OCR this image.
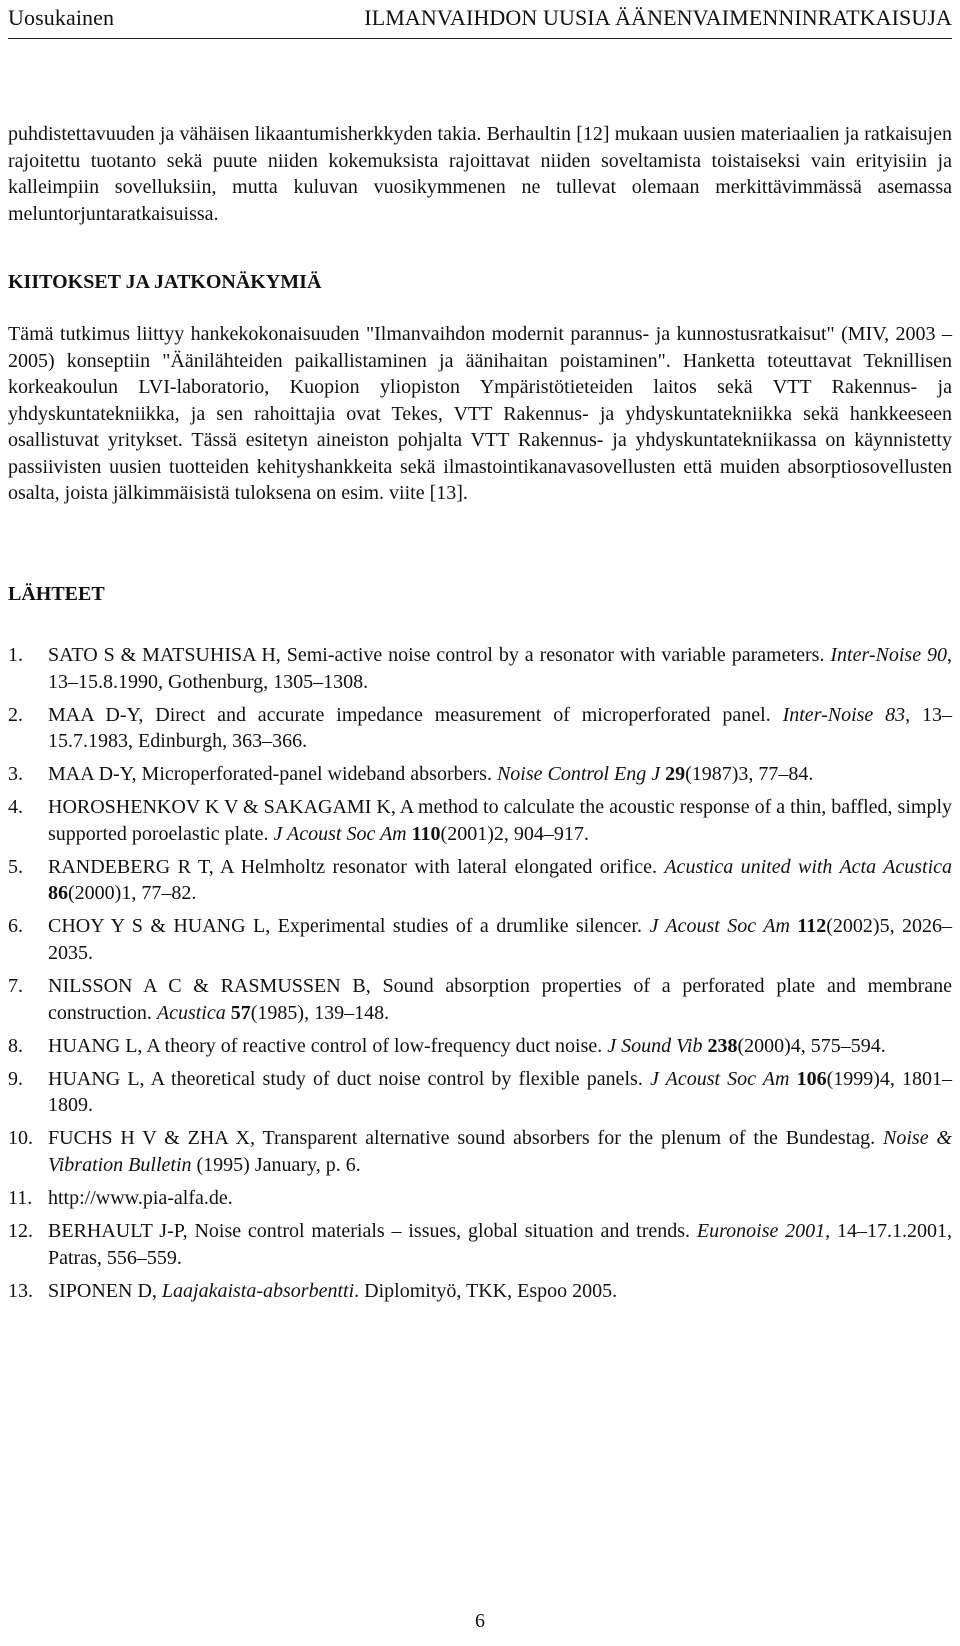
Uosukainen	ILMANVAIHDON UUSIA ÄÄNENVAIMENNINRATKAISUJA
puhdistettavuuden ja vähäisen likaantumisherkkyden takia. Berhaultin [12] mukaan uusien materiaalien ja ratkaisujen rajoitettu tuotanto sekä puute niiden kokemuksista rajoittavat niiden soveltamista toistaiseksi vain erityisiin ja kalleimpiin sovelluksiin, mutta kuluvan vuosikymmenen ne tullevat olemaan merkittävimmässä asemassa meluntorjuntaratkaisuissa.
KIITOKSET JA JATKONÄKYMIÄ
Tämä tutkimus liittyy hankekokonaisuuden "Ilmanvaihdon modernit parannus- ja kunnostusratkaisut" (MIV, 2003 – 2005) konseptiin "Äänilähteiden paikallistaminen ja äänihaitan poistaminen". Hanketta toteuttavat Teknillisen korkeakoulun LVI-laboratorio, Kuopion yliopiston Ympäristötieteiden laitos sekä VTT Rakennus- ja yhdyskuntatekniikka, ja sen rahoittajia ovat Tekes, VTT Rakennus- ja yhdyskuntatekniikka sekä hankkeeseen osallistuvat yritykset. Tässä esitetyn aineiston pohjalta VTT Rakennus- ja yhdyskuntatekniikassa on käynnistetty passiivisten uusien tuotteiden kehityshankkeita sekä ilmastointikanavasovellusten että muiden absorptiosovellusten osalta, joista jälkimmäisistä tuloksena on esim. viite [13].
LÄHTEET
1. SATO S & MATSUHISA H, Semi-active noise control by a resonator with variable parameters. Inter-Noise 90, 13–15.8.1990, Gothenburg, 1305–1308.
2. MAA D-Y, Direct and accurate impedance measurement of microperforated panel. Inter-Noise 83, 13–15.7.1983, Edinburgh, 363–366.
3. MAA D-Y, Microperforated-panel wideband absorbers. Noise Control Eng J 29(1987)3, 77–84.
4. HOROSHENKOV K V & SAKAGAMI K, A method to calculate the acoustic response of a thin, baffled, simply supported poroelastic plate. J Acoust Soc Am 110(2001)2, 904–917.
5. RANDEBERG R T, A Helmholtz resonator with lateral elongated orifice. Acustica united with Acta Acustica 86(2000)1, 77–82.
6. CHOY Y S & HUANG L, Experimental studies of a drumlike silencer. J Acoust Soc Am 112(2002)5, 2026–2035.
7. NILSSON A C & RASMUSSEN B, Sound absorption properties of a perforated plate and membrane construction. Acustica 57(1985), 139–148.
8. HUANG L, A theory of reactive control of low-frequency duct noise. J Sound Vib 238(2000)4, 575–594.
9. HUANG L, A theoretical study of duct noise control by flexible panels. J Acoust Soc Am 106(1999)4, 1801–1809.
10. FUCHS H V & ZHA X, Transparent alternative sound absorbers for the plenum of the Bundestag. Noise & Vibration Bulletin (1995) January, p. 6.
11. http://www.pia-alfa.de.
12. BERHAULT J-P, Noise control materials – issues, global situation and trends. Euronoise 2001, 14–17.1.2001, Patras, 556–559.
13. SIPONEN D, Laajakaista-absorbentti. Diplomityö, TKK, Espoo 2005.
6
